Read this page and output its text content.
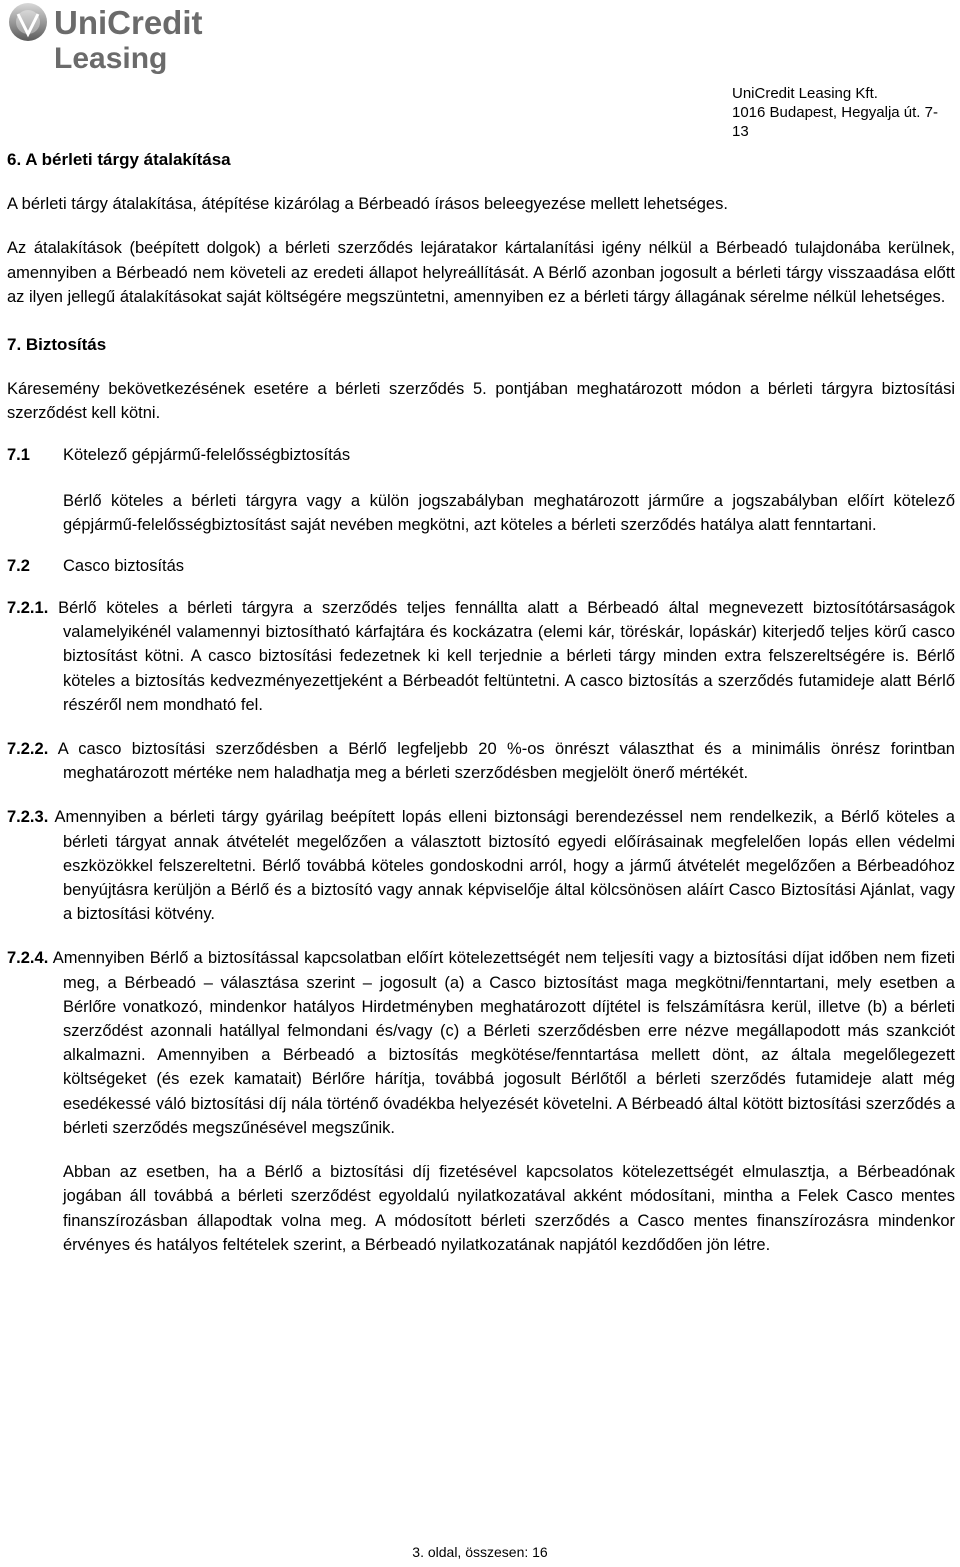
UniCredit
Leasing
UniCredit Leasing Kft.
1016 Budapest, Hegyalja út. 7-13

6. A bérleti tárgy átalakítása

A bérleti tárgy átalakítása, átépítése kizárólag a Bérbeadó írásos beleegyezése mellett lehetséges.

Az átalakítások (beépített dolgok) a bérleti szerződés lejáratakor kártalanítási igény nélkül a Bérbeadó tulajdonába kerülnek, amennyiben a Bérbeadó nem követeli az eredeti állapot helyreállítását. A Bérlő azonban jogosult a bérleti tárgy visszaadása előtt az ilyen jellegű átalakításokat saját költségére megszüntetni, amennyiben ez a bérleti tárgy állagának sérelme nélkül lehetséges.

7. Biztosítás

Káresemény bekövetkezésének esetére a bérleti szerződés 5. pontjában meghatározott módon a bérleti tárgyra biztosítási szerződést kell kötni.

7.1	Kötelező gépjármű-felelősségbiztosítás

Bérlő köteles a bérleti tárgyra vagy a külön jogszabályban meghatározott járműre a jogszabályban előírt kötelező gépjármű-felelősségbiztosítást saját nevében megkötni, azt köteles a bérleti szerződés hatálya alatt fenntartani.

7.2	Casco biztosítás

7.2.1. Bérlő köteles a bérleti tárgyra a szerződés teljes fennállta alatt a Bérbeadó által megnevezett biztosítótársaságok valamelyikénél valamennyi biztosítható kárfajtára és kockázatra (elemi kár, töréskár, lopáskár) kiterjedő teljes körű casco biztosítást kötni. A casco biztosítási fedezetnek ki kell terjednie a bérleti tárgy minden extra felszereltségére is. Bérlő köteles a biztosítás kedvezményezettjeként a Bérbeadót feltüntetni. A casco biztosítás a szerződés futamideje alatt Bérlő részéről nem mondható fel.

7.2.2. A casco biztosítási szerződésben a Bérlő legfeljebb 20 %-os önrészt választhat és a minimális önrész forintban meghatározott mértéke nem haladhatja meg a bérleti szerződésben megjelölt önerő mértékét.

7.2.3. Amennyiben a bérleti tárgy gyárilag beépített lopás elleni biztonsági berendezéssel nem rendelkezik, a Bérlő köteles a bérleti tárgyat annak átvételét megelőzően a választott biztosító egyedi előírásainak megfelelően lopás ellen védelmi eszközökkel felszereltetni. Bérlő továbbá köteles gondoskodni arról, hogy a jármű átvételét megelőzően a Bérbeadóhoz benyújtásra kerüljön a Bérlő és a biztosító vagy annak képviselője által kölcsönösen aláírt Casco Biztosítási Ajánlat, vagy a biztosítási kötvény.

7.2.4. Amennyiben Bérlő a biztosítással kapcsolatban előírt kötelezettségét nem teljesíti vagy a biztosítási díjat időben nem fizeti meg, a Bérbeadó – választása szerint – jogosult (a) a Casco biztosítást maga megkötni/fenntartani, mely esetben a Bérlőre vonatkozó, mindenkor hatályos Hirdetményben meghatározott díjtétel is felszámításra kerül, illetve (b) a bérleti szerződést azonnali hatállyal felmondani és/vagy (c) a Bérleti szerződésben erre nézve megállapodott más szankciót alkalmazni. Amennyiben a Bérbeadó a biztosítás megkötése/fenntartása mellett dönt, az általa megelőlegezett költségeket (és ezek kamatait) Bérlőre hárítja, továbbá jogosult Bérlőtől a bérleti szerződés futamideje alatt még esedékessé váló biztosítási díj nála történő óvadékba helyezését követelni. A Bérbeadó által kötött biztosítási szerződés a bérleti szerződés megszűnésével megszűnik.

Abban az esetben, ha a Bérlő a biztosítási díj fizetésével kapcsolatos kötelezettségét elmulasztja, a Bérbeadónak jogában áll továbbá a bérleti szerződést egyoldalú nyilatkozatával akként módosítani, mintha a Felek Casco mentes finanszírozásban állapodtak volna meg. A módosított bérleti szerződés a Casco mentes finanszírozásra mindenkor érvényes és hatályos feltételek szerint, a Bérbeadó nyilatkozatának napjától kezdődően jön létre.

3. oldal, összesen: 16
